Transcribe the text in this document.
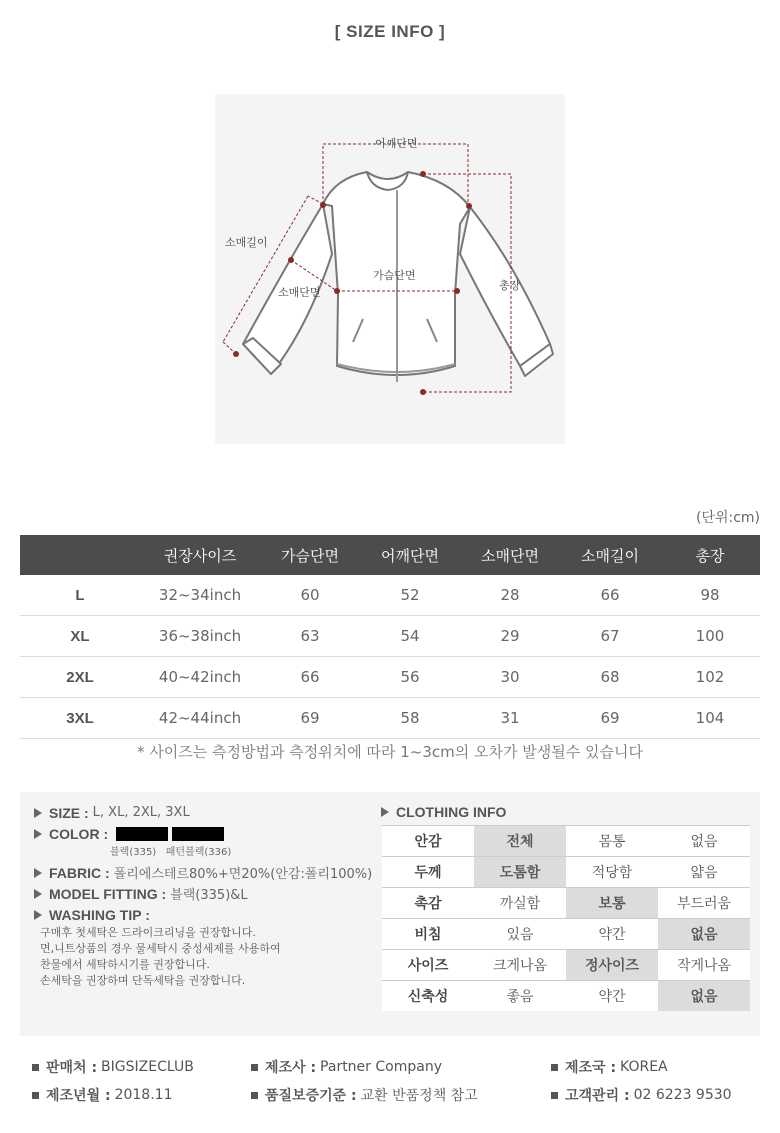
[ SIZE INFO ]
어깨단면
소매길이
가슴단면
소매단면
총장
(단위:cm)
	권장사이즈	가슴단면	어깨단면	소매단면	소매길이	총장
L	32~34inch	60	52	28	66	98
XL	36~38inch	63	54	29	67	100
2XL	40~42inch	66	56	30	68	102
3XL	42~44inch	69	58	31	69	104
* 사이즈는 측정방법과 측정위치에 따라 1~3cm의 오차가 발생될수 있습니다
SIZE : L, XL, 2XL, 3XL
COLOR :
블랙(335) 패턴블랙(336)
FABRIC : 폴리에스테르80%+면20%(안감:폴리100%)
MODEL FITTING : 블랙(335)&L
WASHING TIP :
구매후 첫세탁은 드라이크리닝을 권장합니다.
면,니트상품의 경우 물세탁시 중성세제를 사용하여
찬물에서 세탁하시기를 권장합니다.
손세탁을 권장하며 단독세탁을 권장합니다.
CLOTHING INFO
안감	전체	몸통	없음
두께	도톰함	적당함	얇음
촉감	까실함	보통	부드러움
비침	있음	약간	없음
사이즈	크게나옴	정사이즈	작게나옴
신축성	좋음	약간	없음
판매처 : BIGSIZECLUB	제조사 : Partner Company	제조국 : KOREA
제조년월 : 2018.11	품질보증기준 : 교환 반품정책 참고	고객관리 : 02 6223 9530
